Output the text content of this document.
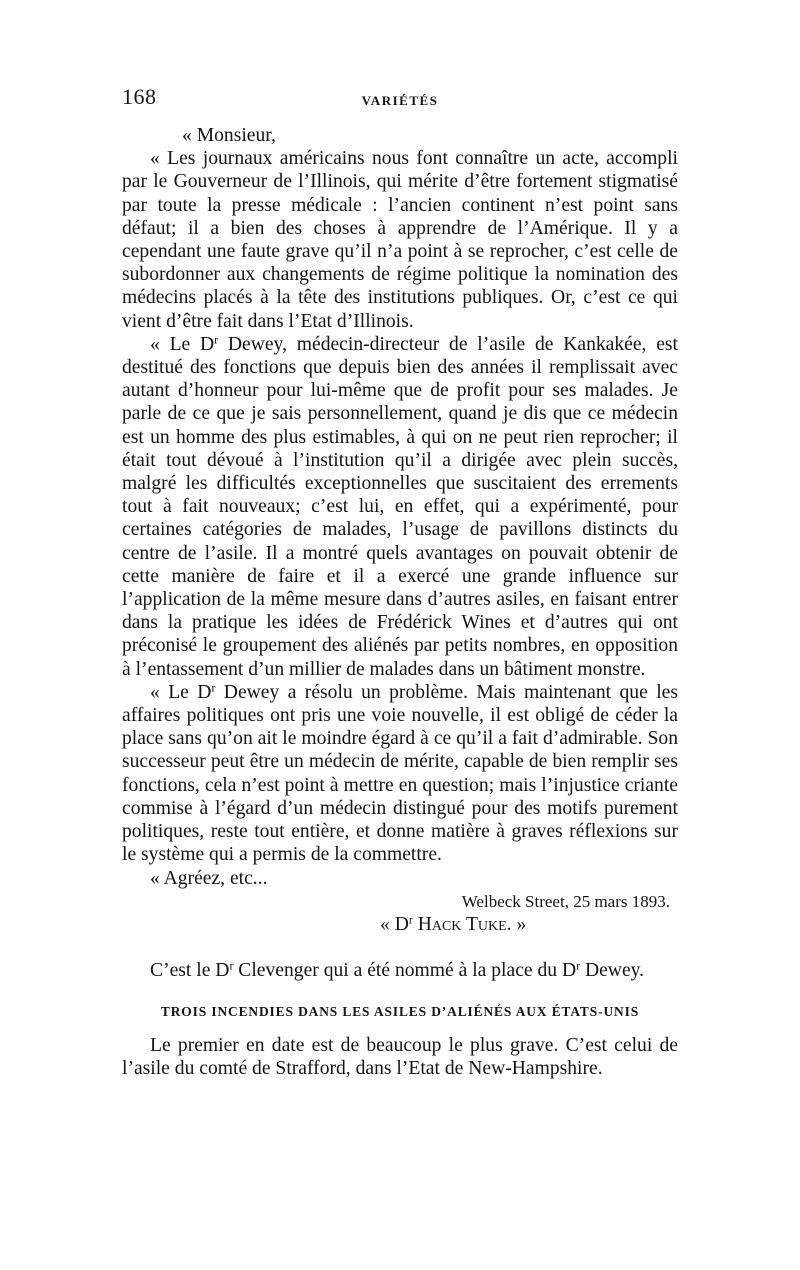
168	VARIÉTÉS

« Monsieur,

« Les journaux américains nous font connaître un acte, accompli par le Gouverneur de l’Illinois, qui mérite d’être fortement stigmatisé par toute la presse médicale : l’ancien continent n’est point sans défaut; il a bien des choses à apprendre de l’Amérique. Il y a cependant une faute grave qu’il n’a point à se reprocher, c’est celle de subordonner aux changements de régime politique la nomination des médecins placés à la tête des institutions publiques. Or, c’est ce qui vient d’être fait dans l’Etat d’Illinois.

« Le $D^r$ Dewey, médecin-directeur de l’asile de Kankakée, est destitué des fonctions que depuis bien des années il remplissait avec autant d’honneur pour lui-même que de profit pour ses malades. Je parle de ce que je sais personnellement, quand je dis que ce médecin est un homme des plus estimables, à qui on ne peut rien reprocher; il était tout dévoué à l’institution qu’il a dirigée avec plein succès, malgré les difficultés exceptionnelles que suscitaient des errements tout à fait nouveaux; c’est lui, en effet, qui a expérimenté, pour certaines catégories de malades, l’usage de pavillons distincts du centre de l’asile. Il a montré quels avantages on pouvait obtenir de cette manière de faire et il a exercé une grande influence sur l’application de la même mesure dans d’autres asiles, en faisant entrer dans la pratique les idées de Frédérick Wines et d’autres qui ont préconisé le groupement des aliénés par petits nombres, en opposition à l’entassement d’un millier de malades dans un bâtiment monstre.

« Le $D^r$ Dewey a résolu un problème. Mais maintenant que les affaires politiques ont pris une voie nouvelle, il est obligé de céder la place sans qu’on ait le moindre égard à ce qu’il a fait d’admirable. Son successeur peut être un médecin de mérite, capable de bien remplir ses fonctions, cela n’est point à mettre en question; mais l’injustice criante commise à l’égard d’un médecin distingué pour des motifs purement politiques, reste tout entière, et donne matière à graves réflexions sur le système qui a permis de la commettre.

« Agréez, etc...

Welbeck Street, 25 mars 1893.
« $D^r$ Hack Tuke. »

C’est le $D^r$ Clevenger qui a été nommé à la place du $D^r$ Dewey.

TROIS INCENDIES DANS LES ASILES D’ALIÉNÉS AUX ÉTATS-UNIS

Le premier en date est de beaucoup le plus grave. C’est celui de l’asile du comté de Strafford, dans l’Etat de New-Hampshire.
